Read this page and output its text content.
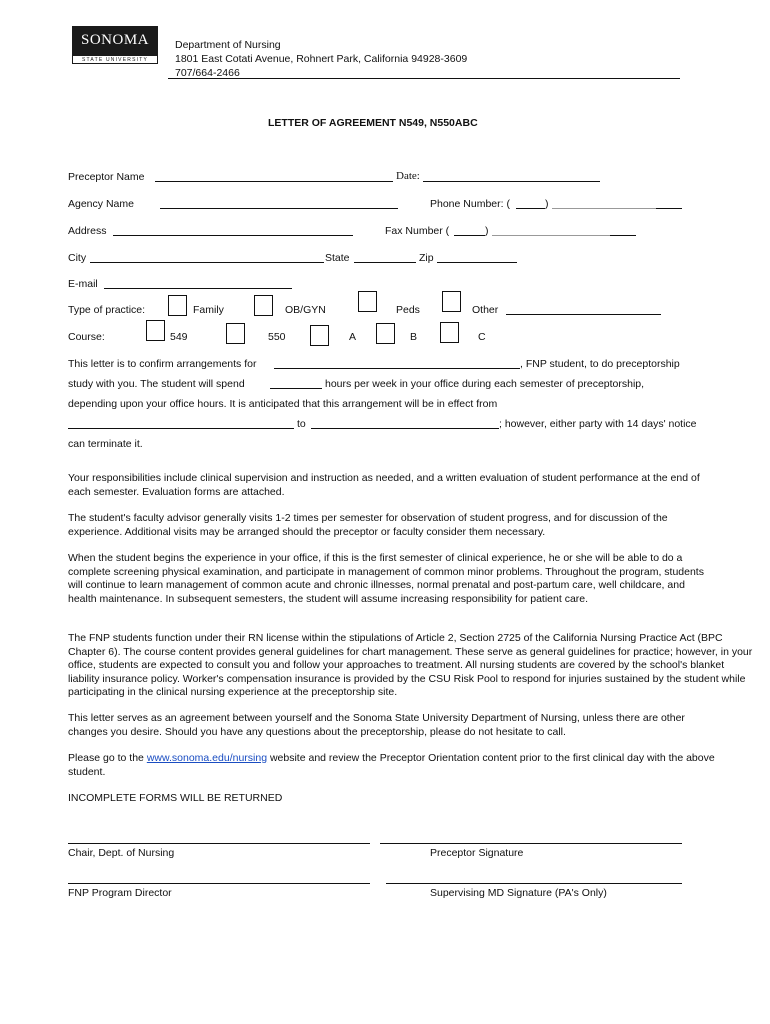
SONOMA
STATE UNIVERSITY
Department of Nursing
1801 East Cotati Avenue, Rohnert Park, California 94928-3609
707/664-2466
LETTER OF AGREEMENT N549, N550ABC
Preceptor Name	Date:
Agency Name	Phone Number: (	)
Address	Fax Number (	)
City	State	Zip
E-mail
Type of practice:	Family	OB/GYN	Peds	Other
Course:	549	550	A	B	C
This letter is to confirm arrangements for	, FNP student, to do preceptorship
study with you. The student will spend	hours per week in your office during each semester of preceptorship,
depending upon your office hours. It is anticipated that this arrangement will be in effect from
to	; however, either party with 14 days' notice
can terminate it.
Your responsibilities include clinical supervision and instruction as needed, and a written evaluation of student performance at the end of each semester. Evaluation forms are attached.
The student's faculty advisor generally visits 1-2 times per semester for observation of student progress, and for discussion of the experience. Additional visits may be arranged should the preceptor or faculty consider them necessary.
When the student begins the experience in your office, if this is the first semester of clinical experience, he or she will be able to do a complete screening physical examination, and participate in management of common minor problems. Throughout the program, students will continue to learn management of common acute and chronic illnesses, normal prenatal and post-partum care, well childcare, and health maintenance. In subsequent semesters, the student will assume increasing responsibility for patient care.
The FNP students function under their RN license within the stipulations of Article 2, Section 2725 of the California Nursing Practice Act (BPC Chapter 6). The course content provides general guidelines for chart management. These serve as general guidelines for practice; however, in your office, students are expected to consult you and follow your approaches to treatment. All nursing students are covered by the school's blanket liability insurance policy. Worker's compensation insurance is provided by the CSU Risk Pool to respond for injuries sustained by the student while participating in the clinical nursing experience at the preceptorship site.
This letter serves as an agreement between yourself and the Sonoma State University Department of Nursing, unless there are other changes you desire. Should you have any questions about the preceptorship, please do not hesitate to call.
Please go to the www.sonoma.edu/nursing website and review the Preceptor Orientation content prior to the first clinical day with the above student.
INCOMPLETE FORMS WILL BE RETURNED
Chair, Dept. of Nursing	Preceptor Signature
FNP Program Director	Supervising MD Signature (PA's Only)
